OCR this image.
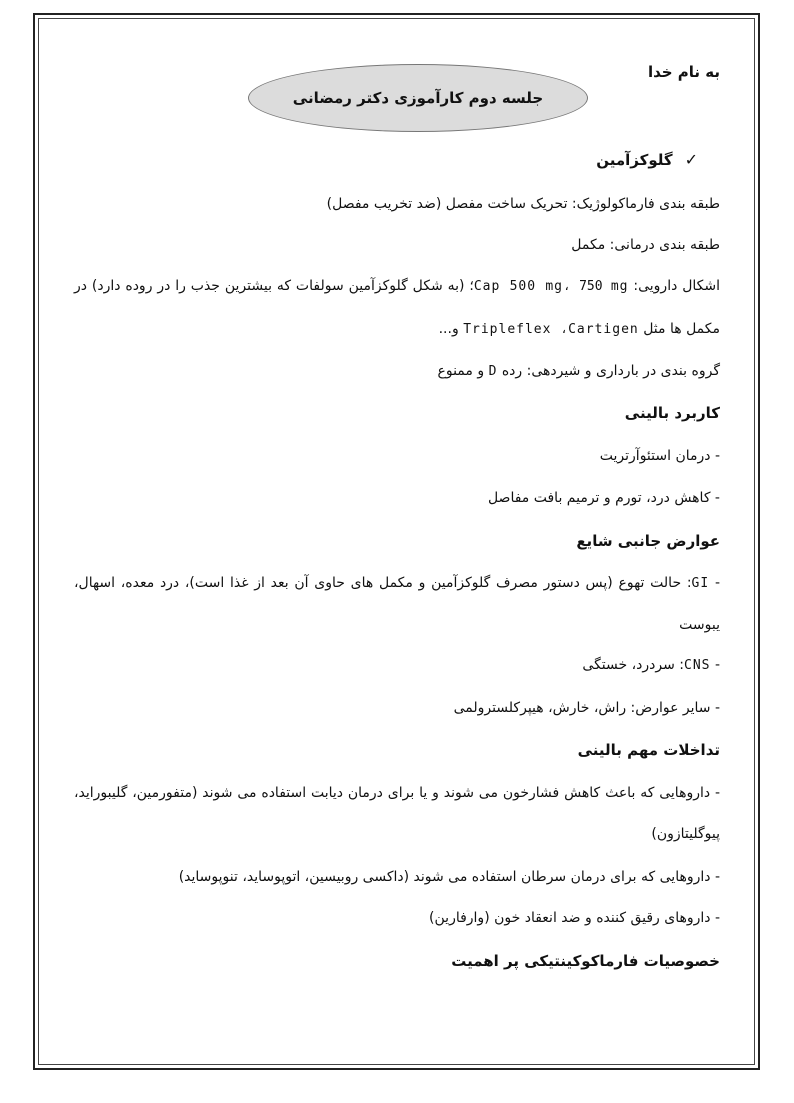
به نام خدا
جلسه دوم کارآموزی دکتر رمضانی
✓گلوکزآمین
طبقه بندی فارماکولوژیک: تحریک ساخت مفصل (ضد تخریب مفصل)
طبقه بندی درمانی: مکمل
اشکال دارویی: Cap 500 mg، 750 mg؛ (به شکل گلوکزآمین سولفات که بیشترین جذب را در روده دارد) در
مکمل ها مثل Tripleflex ،Cartigen و...
گروه بندی در بارداری و شیردهی: رده D و ممنوع
کاربرد بالینی
- درمان استئوآرتریت
- کاهش درد، تورم و ترمیم بافت مفاصل
عوارض جانبی شایع
- GI: حالت تهوع (پس دستور مصرف گلوکزآمین و مکمل های حاوی آن بعد از غذا است)، درد معده، اسهال،
یبوست
- CNS: سردرد، خستگی
- سایر عوارض: راش، خارش، هیپرکلسترولمی
تداخلات مهم بالینی
- داروهایی که باعث کاهش فشارخون می شوند و یا برای درمان دیابت استفاده می شوند (متفورمین، گلیبوراید،
پیوگلیتازون)
- داروهایی که برای درمان سرطان استفاده می شوند (داکسی روبیسین، اتوپوساید، تنوپوساید)
- داروهای رقیق کننده و ضد انعقاد خون (وارفارین)
خصوصیات فارماکوکینتیکی پر اهمیت
